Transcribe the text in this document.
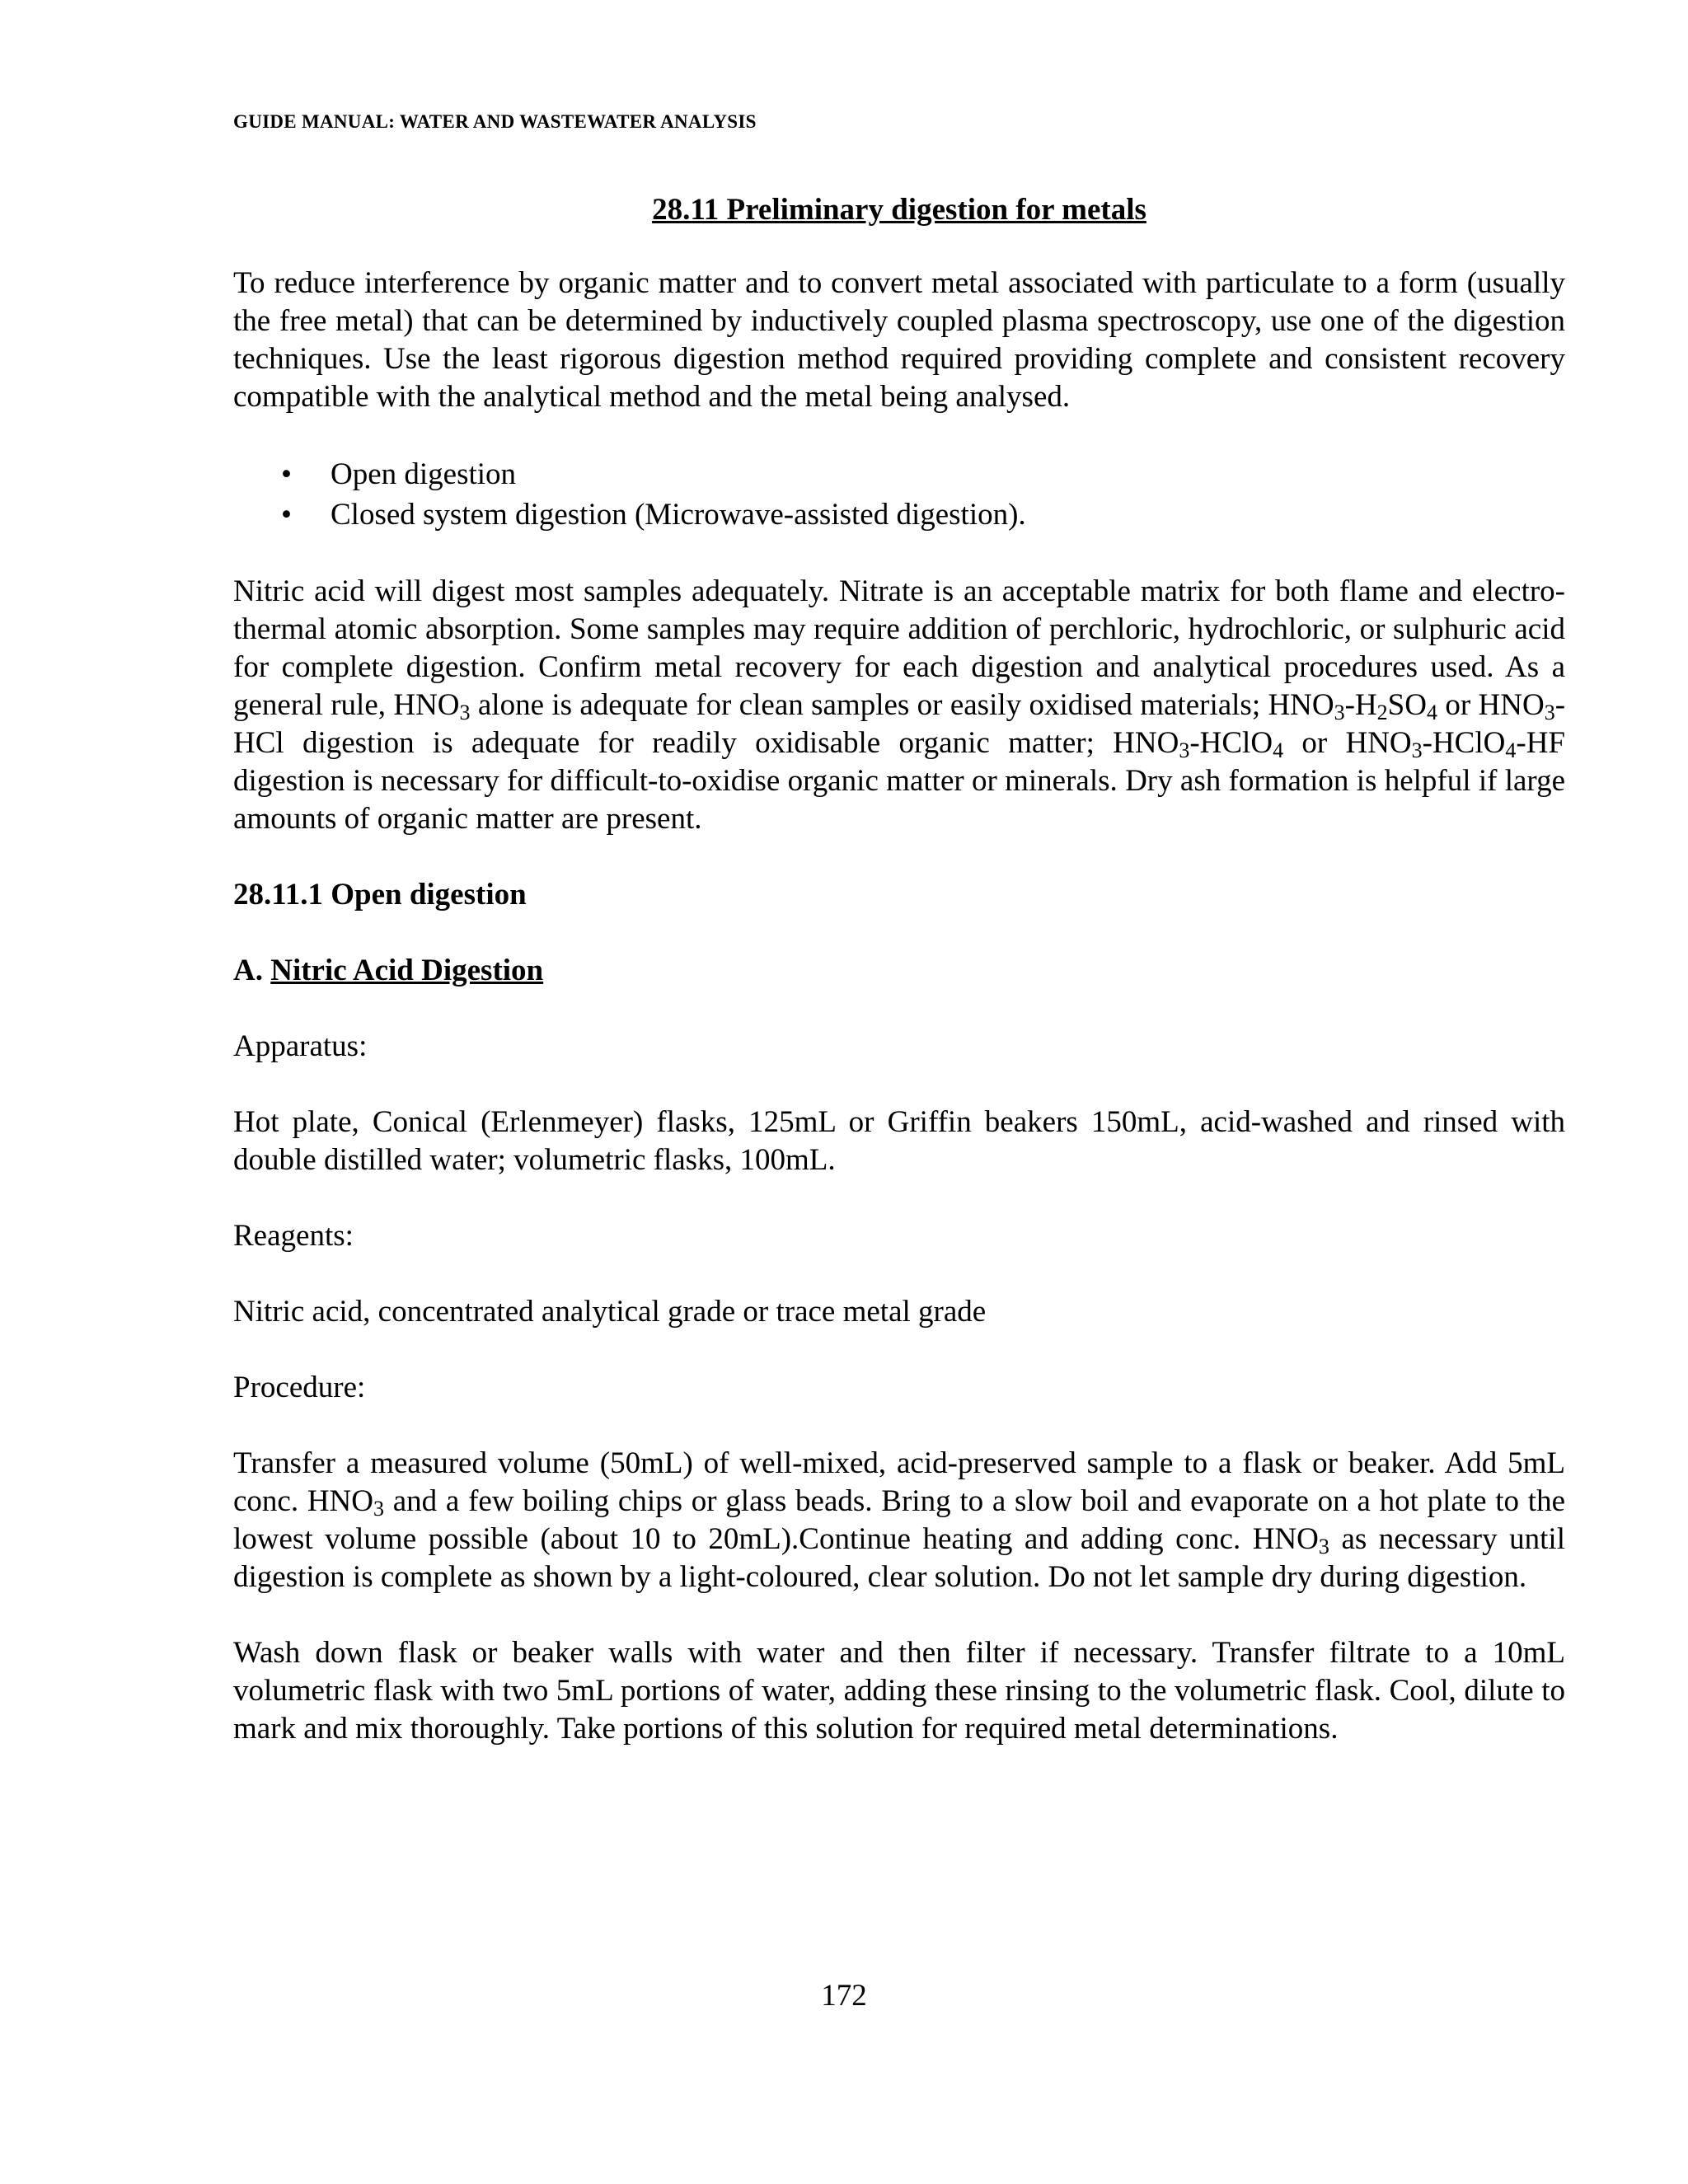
GUIDE MANUAL: WATER AND WASTEWATER ANALYSIS
28.11 Preliminary digestion for metals

To reduce interference by organic matter and to convert metal associated with particulate to a form (usually the free metal) that can be determined by inductively coupled plasma spectroscopy, use one of the digestion techniques. Use the least rigorous digestion method required providing complete and consistent recovery compatible with the analytical method and the metal being analysed.

• Open digestion
• Closed system digestion (Microwave-assisted digestion).

Nitric acid will digest most samples adequately. Nitrate is an acceptable matrix for both flame and electro-thermal atomic absorption. Some samples may require addition of perchloric, hydrochloric, or sulphuric acid for complete digestion. Confirm metal recovery for each digestion and analytical procedures used. As a general rule, $HNO_3$ alone is adequate for clean samples or easily oxidised materials; $HNO_3-H_2SO_4$ or $HNO_3$-HCl digestion is adequate for readily oxidisable organic matter; $HNO_3-HClO_4$ or $HNO_3-HClO_4-HF$ digestion is necessary for difficult-to-oxidise organic matter or minerals. Dry ash formation is helpful if large amounts of organic matter are present.

28.11.1 Open digestion
A. Nitric Acid Digestion

Apparatus:

Hot plate, Conical (Erlenmeyer) flasks, 125mL or Griffin beakers 150mL, acid-washed and rinsed with double distilled water; volumetric flasks, 100mL.

Reagents:

Nitric acid, concentrated analytical grade or trace metal grade

Procedure:

Transfer a measured volume (50mL) of well-mixed, acid-preserved sample to a flask or beaker. Add 5mL conc. $HNO_3$ and a few boiling chips or glass beads. Bring to a slow boil and evaporate on a hot plate to the lowest volume possible (about 10 to 20mL).Continue heating and adding conc. $HNO_3$ as necessary until digestion is complete as shown by a light-coloured, clear solution. Do not let sample dry during digestion.

Wash down flask or beaker walls with water and then filter if necessary. Transfer filtrate to a 10mL volumetric flask with two 5mL portions of water, adding these rinsing to the volumetric flask. Cool, dilute to mark and mix thoroughly. Take portions of this solution for required metal determinations.

172
